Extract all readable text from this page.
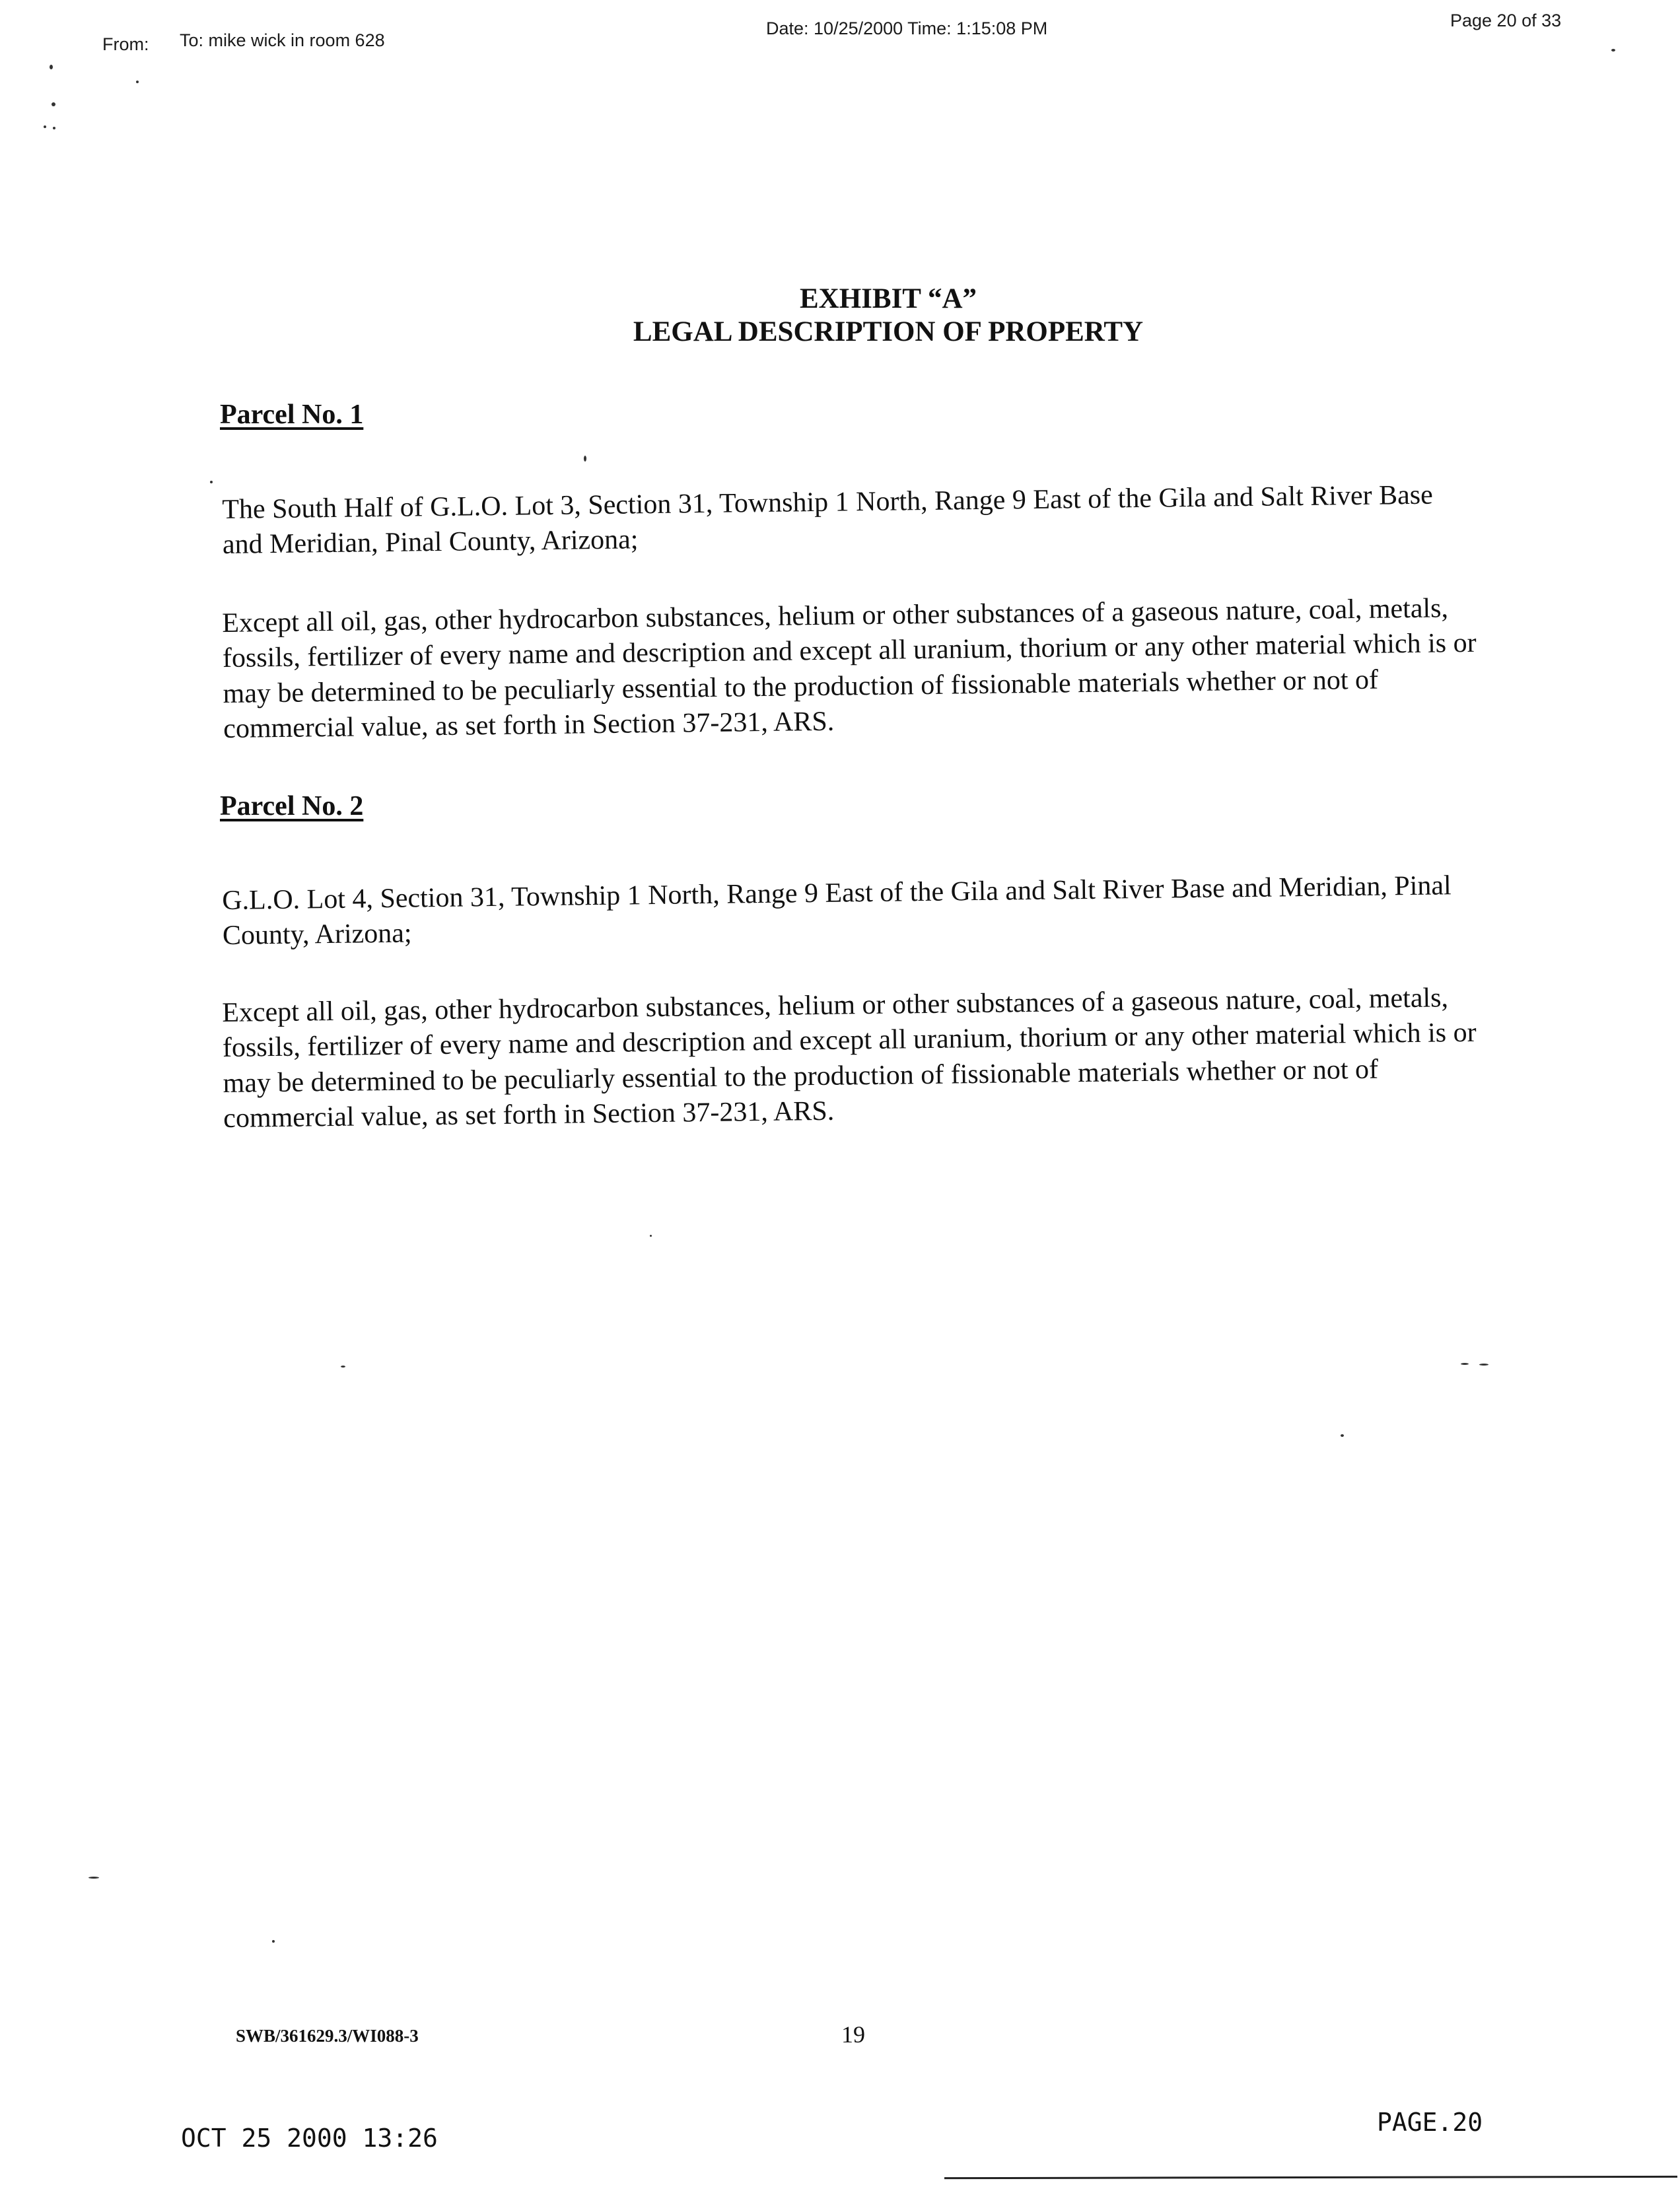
From: To: mike wick in room 628
Date: 10/25/2000 Time: 1:15:08 PM	Page 20 of 33
EXHIBIT “A”
LEGAL DESCRIPTION OF PROPERTY
Parcel No. 1

The South Half of G.L.O. Lot 3, Section 31, Township 1 North, Range 9 East of the Gila and Salt River Base and Meridian, Pinal County, Arizona;

Except all oil, gas, other hydrocarbon substances, helium or other substances of a gaseous nature, coal, metals, fossils, fertilizer of every name and description and except all uranium, thorium or any other material which is or may be determined to be peculiarly essential to the production of fissionable materials whether or not of commercial value, as set forth in Section 37-231, ARS.

Parcel No. 2

G.L.O. Lot 4, Section 31, Township 1 North, Range 9 East of the Gila and Salt River Base and Meridian, Pinal County, Arizona;

Except all oil, gas, other hydrocarbon substances, helium or other substances of a gaseous nature, coal, metals, fossils, fertilizer of every name and description and except all uranium, thorium or any other material which is or may be determined to be peculiarly essential to the production of fissionable materials whether or not of commercial value, as set forth in Section 37-231, ARS.

SWB/361629.3/WI088-3	19
OCT 25 2000 13:26
PAGE.20
